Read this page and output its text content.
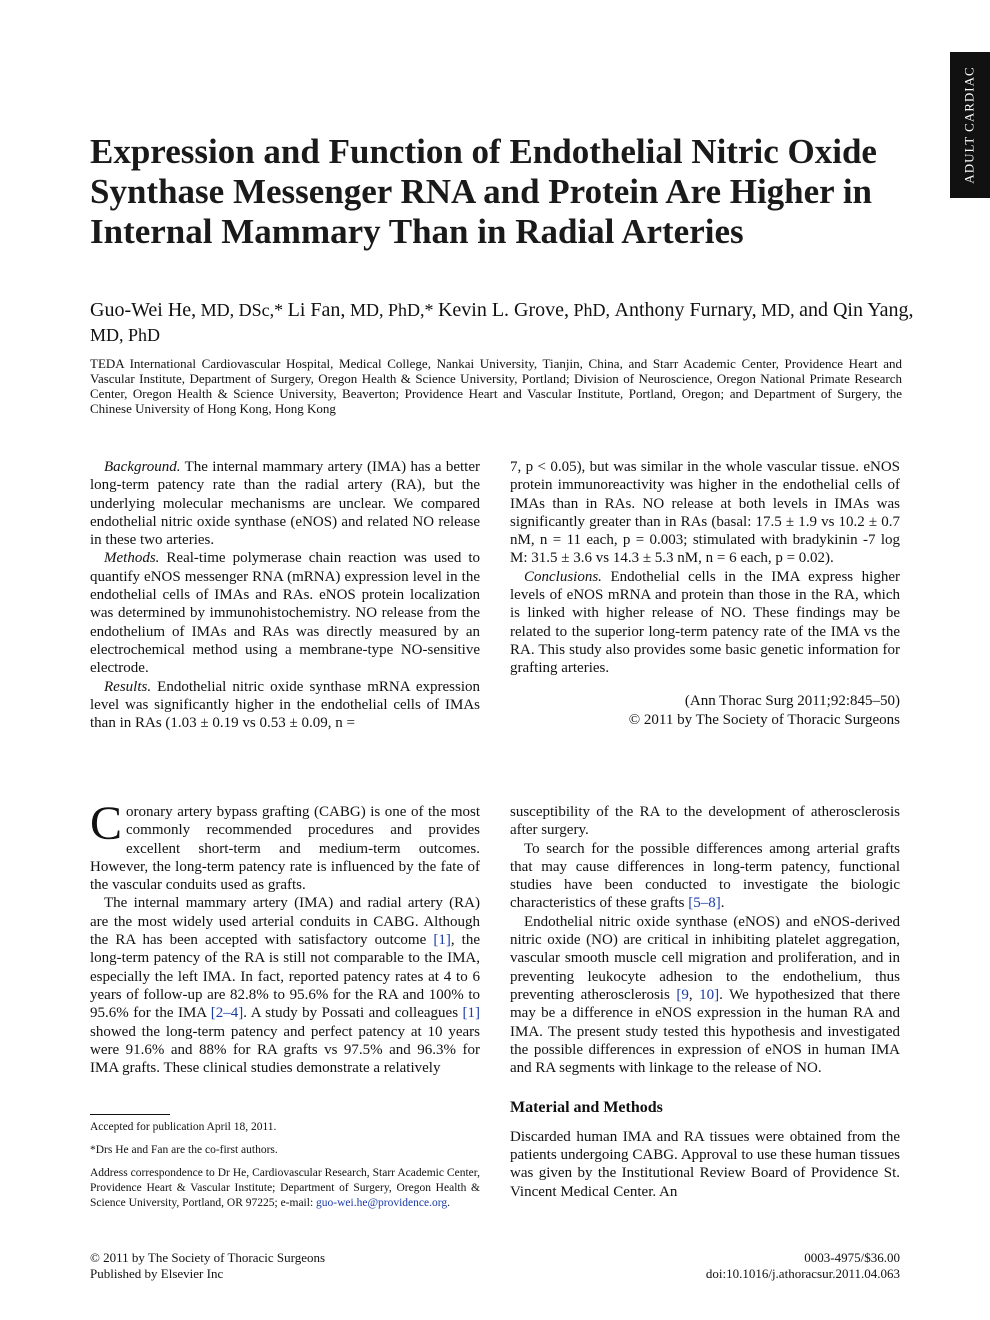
ADULT CARDIAC
Expression and Function of Endothelial Nitric Oxide Synthase Messenger RNA and Protein Are Higher in Internal Mammary Than in Radial Arteries
Guo-Wei He, MD, DSc,* Li Fan, MD, PhD,* Kevin L. Grove, PhD, Anthony Furnary, MD, and Qin Yang, MD, PhD
TEDA International Cardiovascular Hospital, Medical College, Nankai University, Tianjin, China, and Starr Academic Center, Providence Heart and Vascular Institute, Department of Surgery, Oregon Health & Science University, Portland; Division of Neuroscience, Oregon National Primate Research Center, Oregon Health & Science University, Beaverton; Providence Heart and Vascular Institute, Portland, Oregon; and Department of Surgery, the Chinese University of Hong Kong, Hong Kong

Background. The internal mammary artery (IMA) has a better long-term patency rate than the radial artery (RA), but the underlying molecular mechanisms are unclear. We compared endothelial nitric oxide synthase (eNOS) and related NO release in these two arteries.

Methods. Real-time polymerase chain reaction was used to quantify eNOS messenger RNA (mRNA) expression level in the endothelial cells of IMAs and RAs. eNOS protein localization was determined by immunohistochemistry. NO release from the endothelium of IMAs and RAs was directly measured by an electrochemical method using a membrane-type NO-sensitive electrode.

Results. Endothelial nitric oxide synthase mRNA expression level was significantly higher in the endothelial cells of IMAs than in RAs (1.03 ± 0.19 vs 0.53 ± 0.09, n =

7, p < 0.05), but was similar in the whole vascular tissue. eNOS protein immunoreactivity was higher in the endothelial cells of IMAs than in RAs. NO release at both levels in IMAs was significantly greater than in RAs (basal: 17.5 ± 1.9 vs 10.2 ± 0.7 nM, n = 11 each, p = 0.003; stimulated with bradykinin -7 log M: 31.5 ± 3.6 vs 14.3 ± 5.3 nM, n = 6 each, p = 0.02).

Conclusions. Endothelial cells in the IMA express higher levels of eNOS mRNA and protein than those in the RA, which is linked with higher release of NO. These findings may be related to the superior long-term patency rate of the IMA vs the RA. This study also provides some basic genetic information for grafting arteries.

(Ann Thorac Surg 2011;92:845–50)
© 2011 by The Society of Thoracic Surgeons

Coronary artery bypass grafting (CABG) is one of the most commonly recommended procedures and provides excellent short-term and medium-term outcomes. However, the long-term patency rate is influenced by the fate of the vascular conduits used as grafts.

The internal mammary artery (IMA) and radial artery (RA) are the most widely used arterial conduits in CABG. Although the RA has been accepted with satisfactory outcome [1], the long-term patency of the RA is still not comparable to the IMA, especially the left IMA. In fact, reported patency rates at 4 to 6 years of follow-up are 82.8% to 95.6% for the RA and 100% to 95.6% for the IMA [2–4]. A study by Possati and colleagues [1] showed the long-term patency and perfect patency at 10 years were 91.6% and 88% for RA grafts vs 97.5% and 96.3% for IMA grafts. These clinical studies demonstrate a relatively

susceptibility of the RA to the development of atherosclerosis after surgery.

To search for the possible differences among arterial grafts that may cause differences in long-term patency, functional studies have been conducted to investigate the biologic characteristics of these grafts [5–8].

Endothelial nitric oxide synthase (eNOS) and eNOS-derived nitric oxide (NO) are critical in inhibiting platelet aggregation, vascular smooth muscle cell migration and proliferation, and in preventing leukocyte adhesion to the endothelium, thus preventing atherosclerosis [9, 10]. We hypothesized that there may be a difference in eNOS expression in the human RA and IMA. The present study tested this hypothesis and investigated the possible differences in expression of eNOS in human IMA and RA segments with linkage to the release of NO.

Material and Methods

Discarded human IMA and RA tissues were obtained from the patients undergoing CABG. Approval to use these human tissues was given by the Institutional Review Board of Providence St. Vincent Medical Center. An

Accepted for publication April 18, 2011.

*Drs He and Fan are the co-first authors.

Address correspondence to Dr He, Cardiovascular Research, Starr Academic Center, Providence Heart & Vascular Institute; Department of Surgery, Oregon Health & Science University, Portland, OR 97225; e-mail: guo-wei.he@providence.org.

© 2011 by The Society of Thoracic Surgeons
Published by Elsevier Inc
0003-4975/$36.00
doi:10.1016/j.athoracsur.2011.04.063
